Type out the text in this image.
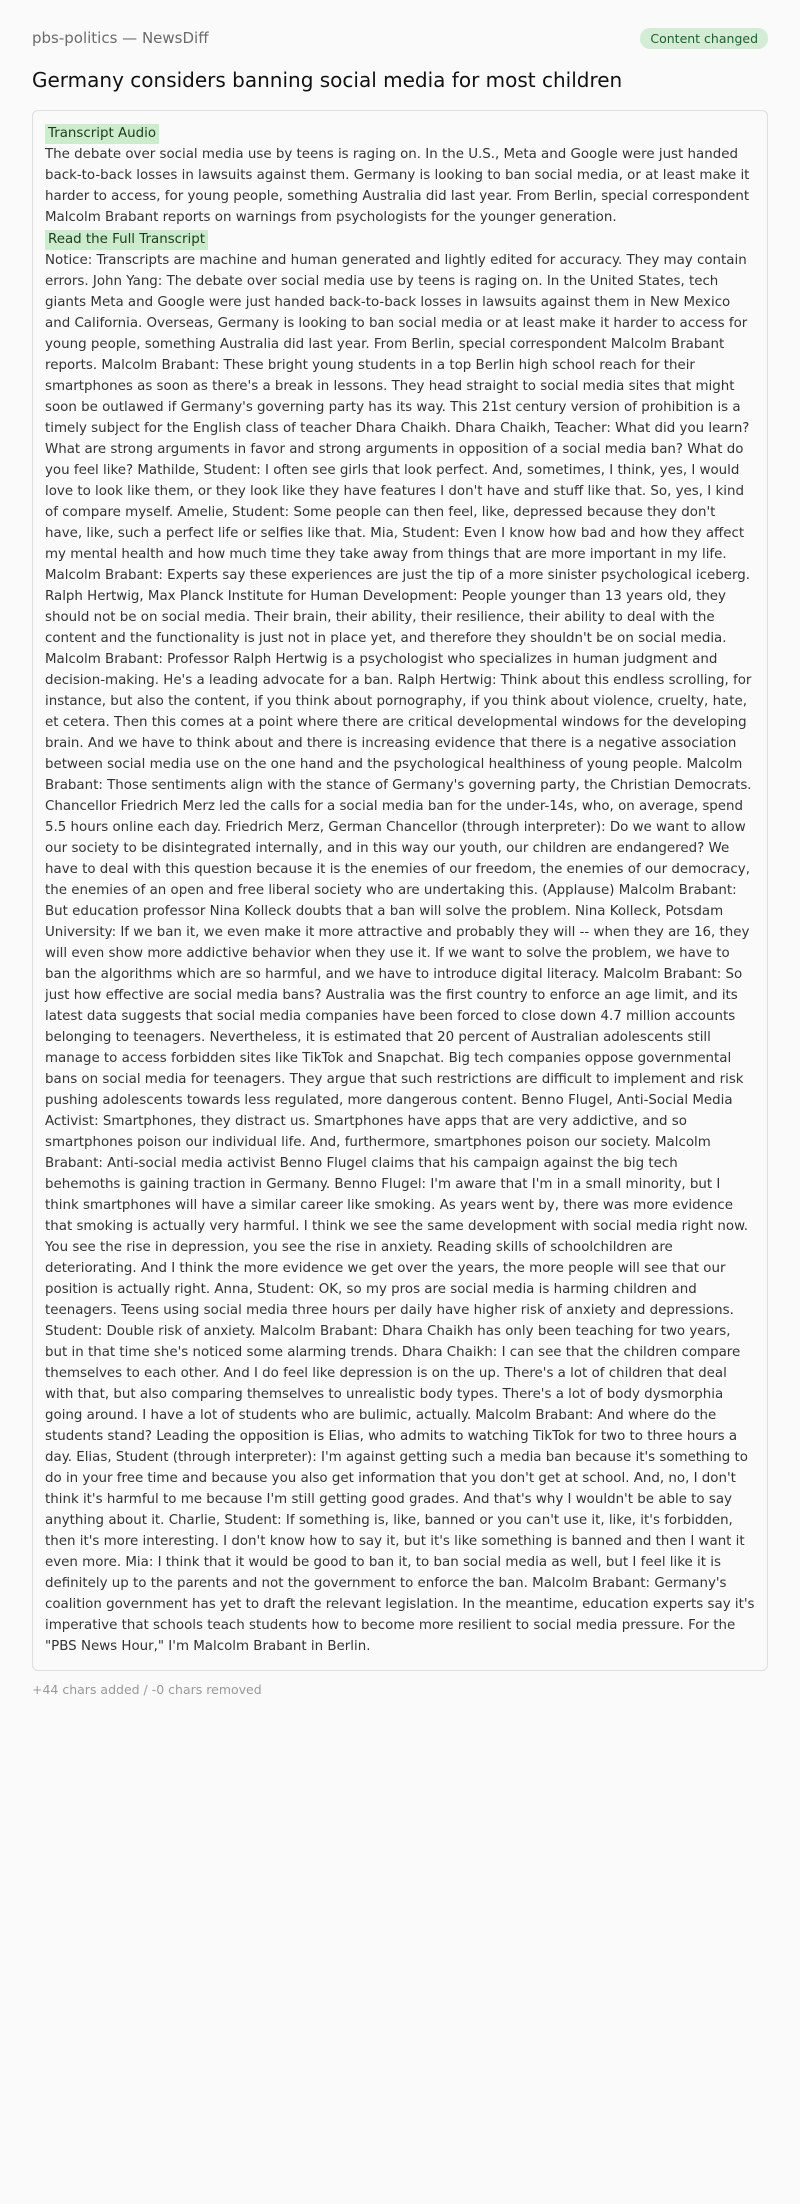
pbs-politics — NewsDiff	Content changed
Germany considers banning social media for most children
Transcript Audio

The debate over social media use by teens is raging on. In the U.S., Meta and Google were just handed back-to-back losses in lawsuits against them. Germany is looking to ban social media, or at least make it harder to access, for young people, something Australia did last year. From Berlin, special correspondent Malcolm Brabant reports on warnings from psychologists for the younger generation.

Read the Full Transcript

Notice: Transcripts are machine and human generated and lightly edited for accuracy. They may contain errors. John Yang: The debate over social media use by teens is raging on. In the United States, tech giants Meta and Google were just handed back-to-back losses in lawsuits against them in New Mexico and California. Overseas, Germany is looking to ban social media or at least make it harder to access for young people, something Australia did last year. From Berlin, special correspondent Malcolm Brabant reports. Malcolm Brabant: These bright young students in a top Berlin high school reach for their smartphones as soon as there's a break in lessons. They head straight to social media sites that might soon be outlawed if Germany's governing party has its way. This 21st century version of prohibition is a timely subject for the English class of teacher Dhara Chaikh. Dhara Chaikh, Teacher: What did you learn? What are strong arguments in favor and strong arguments in opposition of a social media ban? What do you feel like? Mathilde, Student: I often see girls that look perfect. And, sometimes, I think, yes, I would love to look like them, or they look like they have features I don't have and stuff like that. So, yes, I kind of compare myself. Amelie, Student: Some people can then feel, like, depressed because they don't have, like, such a perfect life or selfies like that. Mia, Student: Even I know how bad and how they affect my mental health and how much time they take away from things that are more important in my life. Malcolm Brabant: Experts say these experiences are just the tip of a more sinister psychological iceberg. Ralph Hertwig, Max Planck Institute for Human Development: People younger than 13 years old, they should not be on social media. Their brain, their ability, their resilience, their ability to deal with the content and the functionality is just not in place yet, and therefore they shouldn't be on social media. Malcolm Brabant: Professor Ralph Hertwig is a psychologist who specializes in human judgment and decision-making. He's a leading advocate for a ban. Ralph Hertwig: Think about this endless scrolling, for instance, but also the content, if you think about pornography, if you think about violence, cruelty, hate, et cetera. Then this comes at a point where there are critical developmental windows for the developing brain. And we have to think about and there is increasing evidence that there is a negative association between social media use on the one hand and the psychological healthiness of young people. Malcolm Brabant: Those sentiments align with the stance of Germany's governing party, the Christian Democrats. Chancellor Friedrich Merz led the calls for a social media ban for the under-14s, who, on average, spend 5.5 hours online each day. Friedrich Merz, German Chancellor (through interpreter): Do we want to allow our society to be disintegrated internally, and in this way our youth, our children are endangered? We have to deal with this question because it is the enemies of our freedom, the enemies of our democracy, the enemies of an open and free liberal society who are undertaking this. (Applause) Malcolm Brabant: But education professor Nina Kolleck doubts that a ban will solve the problem. Nina Kolleck, Potsdam University: If we ban it, we even make it more attractive and probably they will -- when they are 16, they will even show more addictive behavior when they use it. If we want to solve the problem, we have to ban the algorithms which are so harmful, and we have to introduce digital literacy. Malcolm Brabant: So just how effective are social media bans? Australia was the first country to enforce an age limit, and its latest data suggests that social media companies have been forced to close down 4.7 million accounts belonging to teenagers. Nevertheless, it is estimated that 20 percent of Australian adolescents still manage to access forbidden sites like TikTok and Snapchat. Big tech companies oppose governmental bans on social media for teenagers. They argue that such restrictions are difficult to implement and risk pushing adolescents towards less regulated, more dangerous content. Benno Flugel, Anti-Social Media Activist: Smartphones, they distract us. Smartphones have apps that are very addictive, and so smartphones poison our individual life. And, furthermore, smartphones poison our society. Malcolm Brabant: Anti-social media activist Benno Flugel claims that his campaign against the big tech behemoths is gaining traction in Germany. Benno Flugel: I'm aware that I'm in a small minority, but I think smartphones will have a similar career like smoking. As years went by, there was more evidence that smoking is actually very harmful. I think we see the same development with social media right now. You see the rise in depression, you see the rise in anxiety. Reading skills of schoolchildren are deteriorating. And I think the more evidence we get over the years, the more people will see that our position is actually right. Anna, Student: OK, so my pros are social media is harming children and teenagers. Teens using social media three hours per daily have higher risk of anxiety and depressions. Student: Double risk of anxiety. Malcolm Brabant: Dhara Chaikh has only been teaching for two years, but in that time she's noticed some alarming trends. Dhara Chaikh: I can see that the children compare themselves to each other. And I do feel like depression is on the up. There's a lot of children that deal with that, but also comparing themselves to unrealistic body types. There's a lot of body dysmorphia going around. I have a lot of students who are bulimic, actually. Malcolm Brabant: And where do the students stand? Leading the opposition is Elias, who admits to watching TikTok for two to three hours a day. Elias, Student (through interpreter): I'm against getting such a media ban because it's something to do in your free time and because you also get information that you don't get at school. And, no, I don't think it's harmful to me because I'm still getting good grades. And that's why I wouldn't be able to say anything about it. Charlie, Student: If something is, like, banned or you can't use it, like, it's forbidden, then it's more interesting. I don't know how to say it, but it's like something is banned and then I want it even more. Mia: I think that it would be good to ban it, to ban social media as well, but I feel like it is definitely up to the parents and not the government to enforce the ban. Malcolm Brabant: Germany's coalition government has yet to draft the relevant legislation. In the meantime, education experts say it's imperative that schools teach students how to become more resilient to social media pressure. For the "PBS News Hour," I'm Malcolm Brabant in Berlin.

+44 chars added / -0 chars removed
